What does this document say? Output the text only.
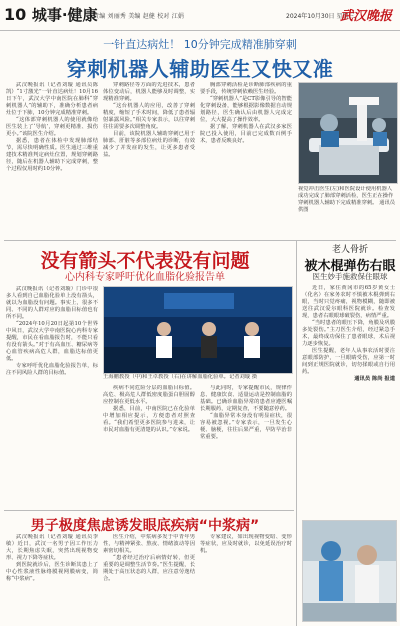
10 城事·健康
责编 刘丽秀 美编 赵健 校对 江娟	2024年10月30日 星期三
武汉晚报
一针直达病灶！ 10分钟完成精准肺穿刺
穿刺机器人辅助医生又快又准

武汉晚报讯（记者刘璇 通讯员陈凯）“1寸激光”一针直达病灶！10月16日下午，武汉大学中南医院在肺科“穿刺机器人”的辅助下，准确分析患者病灶位于下肺，10分钟完成精准穿刺。

“这体部穿刺机器人的使用就像给医生装上了‘导航’，穿刺更精准、损伤更小。”该院医生介绍。

据悉，患者在体检中发现肺部结节，需尽快明确性质。医生通过三维重建技术精准判定病灶位置，规划穿刺路径，随后在机器人辅助下完成穿刺，整个过程仅用时约10分钟。

穿刺路径等方面的先进技术，患者体位变动后，机器人能够及时调整，实现精准穿刺。

“这台机器人的应用，改善了穿刺精度，缩短了手术时间，降低了患者辐射暴露风险。”相关专家表示，以往穿刺往往需要多次调整角度。

目前，该院机器人辅助穿刺已用于肺部、肝脏等多部位病灶的诊断，有效减少了并发症的发生，让更多患者受益。

胸部穿刺活检是诊断肺部疾病的重要手段，传统穿刺依赖医生经验。

“穿刺机器人”是CT影像引导的智能化穿刺设备，能够根据影像数据自动规划路径，医生确认后由机器人完成定位，大大提高了操作效率。

据了解，穿刺机器人在武汉多家医院已投入使用，目前已完成数百例手术，患者反映良好。

视觉冲击医生(左)和医院设计使用机器人成功完成了肺部穿刺活检，医生正在操作穿刺机器人辅助下完成精准穿刺。 通讯员供图
没有箭头不代表没有问题
心内科专家呼吁优化血脂化验报告单

武汉晚报讯（记者刘璇）门诊中很多人看到自己血脂化验单上没有箭头，就以为血脂没有问题。事实上，很多不同、不同的人群对应的血脂目标值也有所不同。

“2024年10月20日起第10个世界中风日，武汉大学中南医院心内科专家提醒，市民在看血脂报告时，不能只看有没有箭头。”对于有高血压、糖尿病等心血管疾病高危人群，血脂达标值更低。

专家呼吁优化血脂化验报告单，标注不同风险人群的目标值。

王海鹏教授（中)和王卓教授（右)在讲解血脂化验单。记者刘璇 摄

疾病不同危险分层的血脂目标值。高危、极高危人群低密度脂蛋白胆固醇应控制在更低水平。

据悉，目前，中南医院已在化验单中增加相应提示，方便患者对照查看。“我们希望更多医院参与进来，让市民对血脂有更清楚的认识。”专家说。

与此同时，专家提醒市民，规律作息、健康饮食、适量运动是控制血脂的基础。已确诊血脂异常的患者应遵医嘱长期服药，定期复查，不要随意停药。

“血脂异常本身没有明显症状，很容易被忽视。”专家表示，一旦发生心梗、脑梗，往往后果严重，早防早治非常重要。

老人骨折
被木棍弹伤右眼
医生妙手施救保住眼球

近日，家住黄冈市的65岁黄女士（化名）在家务农时不慎被木棍弹到右眼，当时只觉疼痛，视物模糊，随即被送往武汉爱尔眼科医院就诊。检查发现，患者右眼眼球破裂伤，病情严重。

“当时患者的眼压下降，角膜及巩膜多处裂伤。”主刀医生介绍，经过紧急手术，最终成功保住了患者眼球，术后视力逐步恢复。

医生提醒，老年人从事农活时要注意眼部防护，一旦眼睛受伤，应第一时间到正规医院就诊，切勿揉眼或自行用药。

通讯员 陈尚 报道

男子极度焦虑诱发眼底疾病“中浆病”

武汉晚报讯（记者刘璇 通讯员李敏）近日，武汉一名男子因工作压力大，长期焦虑失眠，突然出现视物变形、视力下降等症状。

到医院就诊后，医生诊断其患上了中心性浆液性脉络膜视网膜病变，简称“中浆病”。

医生介绍，中浆病多发于中青年男性，与精神紧张、熬夜、情绪波动等因素密切相关。

“患者经过治疗后病情好转，但更重要的是调整生活节奏。”医生提醒，长期处于高压状态的人群，应注意劳逸结合。

专家建议，如出现视物变暗、变形等症状，应及时就诊，以免延误治疗时机。
